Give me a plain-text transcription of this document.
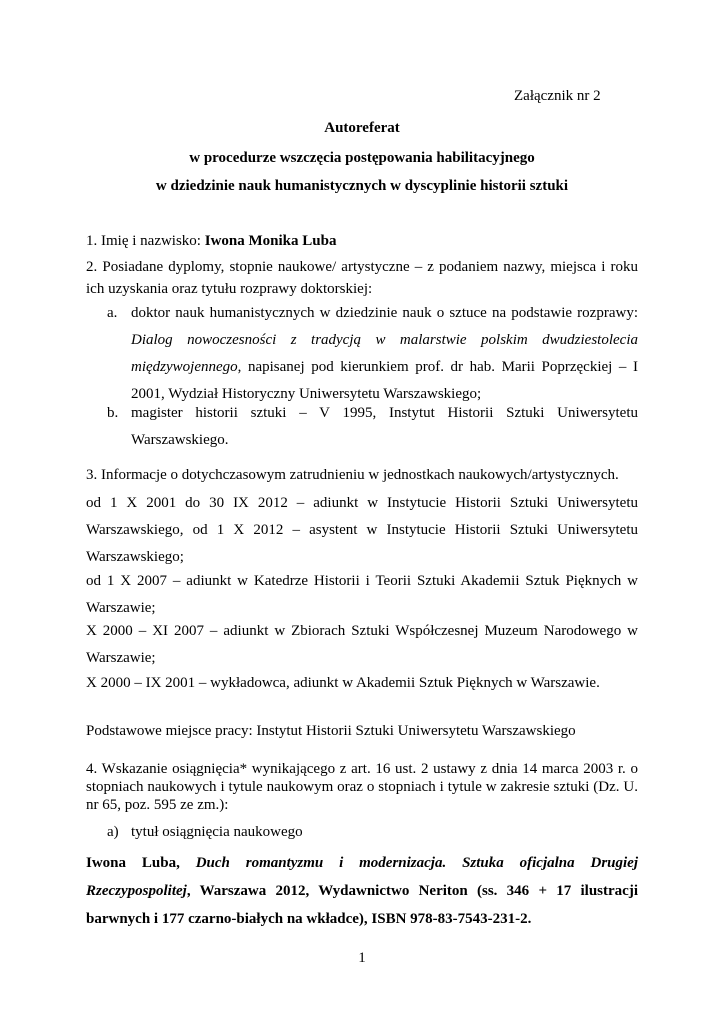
Załącznik nr 2
Autoreferat
w procedurze wszczęcia postępowania habilitacyjnego
w dziedzinie nauk humanistycznych w dyscyplinie historii sztuki

1. Imię i nazwisko: Iwona Monika Luba

2. Posiadane dyplomy, stopnie naukowe/ artystyczne – z podaniem nazwy, miejsca i roku ich uzyskania oraz tytułu rozprawy doktorskiej:

a. doktor nauk humanistycznych w dziedzinie nauk o sztuce na podstawie rozprawy: Dialog nowoczesności z tradycją w malarstwie polskim dwudziestolecia międzywojennego, napisanej pod kierunkiem prof. dr hab. Marii Poprzęckiej – I 2001, Wydział Historyczny Uniwersytetu Warszawskiego;
b. magister historii sztuki – V 1995, Instytut Historii Sztuki Uniwersytetu Warszawskiego.

3. Informacje o dotychczasowym zatrudnieniu w jednostkach naukowych/artystycznych.

od 1 X 2001 do 30 IX 2012 – adiunkt w Instytucie Historii Sztuki Uniwersytetu Warszawskiego, od 1 X 2012 – asystent w Instytucie Historii Sztuki Uniwersytetu Warszawskiego;

od 1 X 2007 – adiunkt w Katedrze Historii i Teorii Sztuki Akademii Sztuk Pięknych w Warszawie;

X 2000 – XI 2007 – adiunkt w Zbiorach Sztuki Współczesnej Muzeum Narodowego w Warszawie;

X 2000 – IX 2001 – wykładowca, adiunkt w Akademii Sztuk Pięknych w Warszawie.

Podstawowe miejsce pracy: Instytut Historii Sztuki Uniwersytetu Warszawskiego

4. Wskazanie osiągnięcia* wynikającego z art. 16 ust. 2 ustawy z dnia 14 marca 2003 r. o stopniach naukowych i tytule naukowym oraz o stopniach i tytule w zakresie sztuki (Dz. U. nr 65, poz. 595 ze zm.):

a) tytuł osiągnięcia naukowego

Iwona Luba, Duch romantyzmu i modernizacja. Sztuka oficjalna Drugiej Rzeczypospolitej, Warszawa 2012, Wydawnictwo Neriton (ss. 346 + 17 ilustracji barwnych i 177 czarno-białych na wkładce), ISBN 978-83-7543-231-2.

1
